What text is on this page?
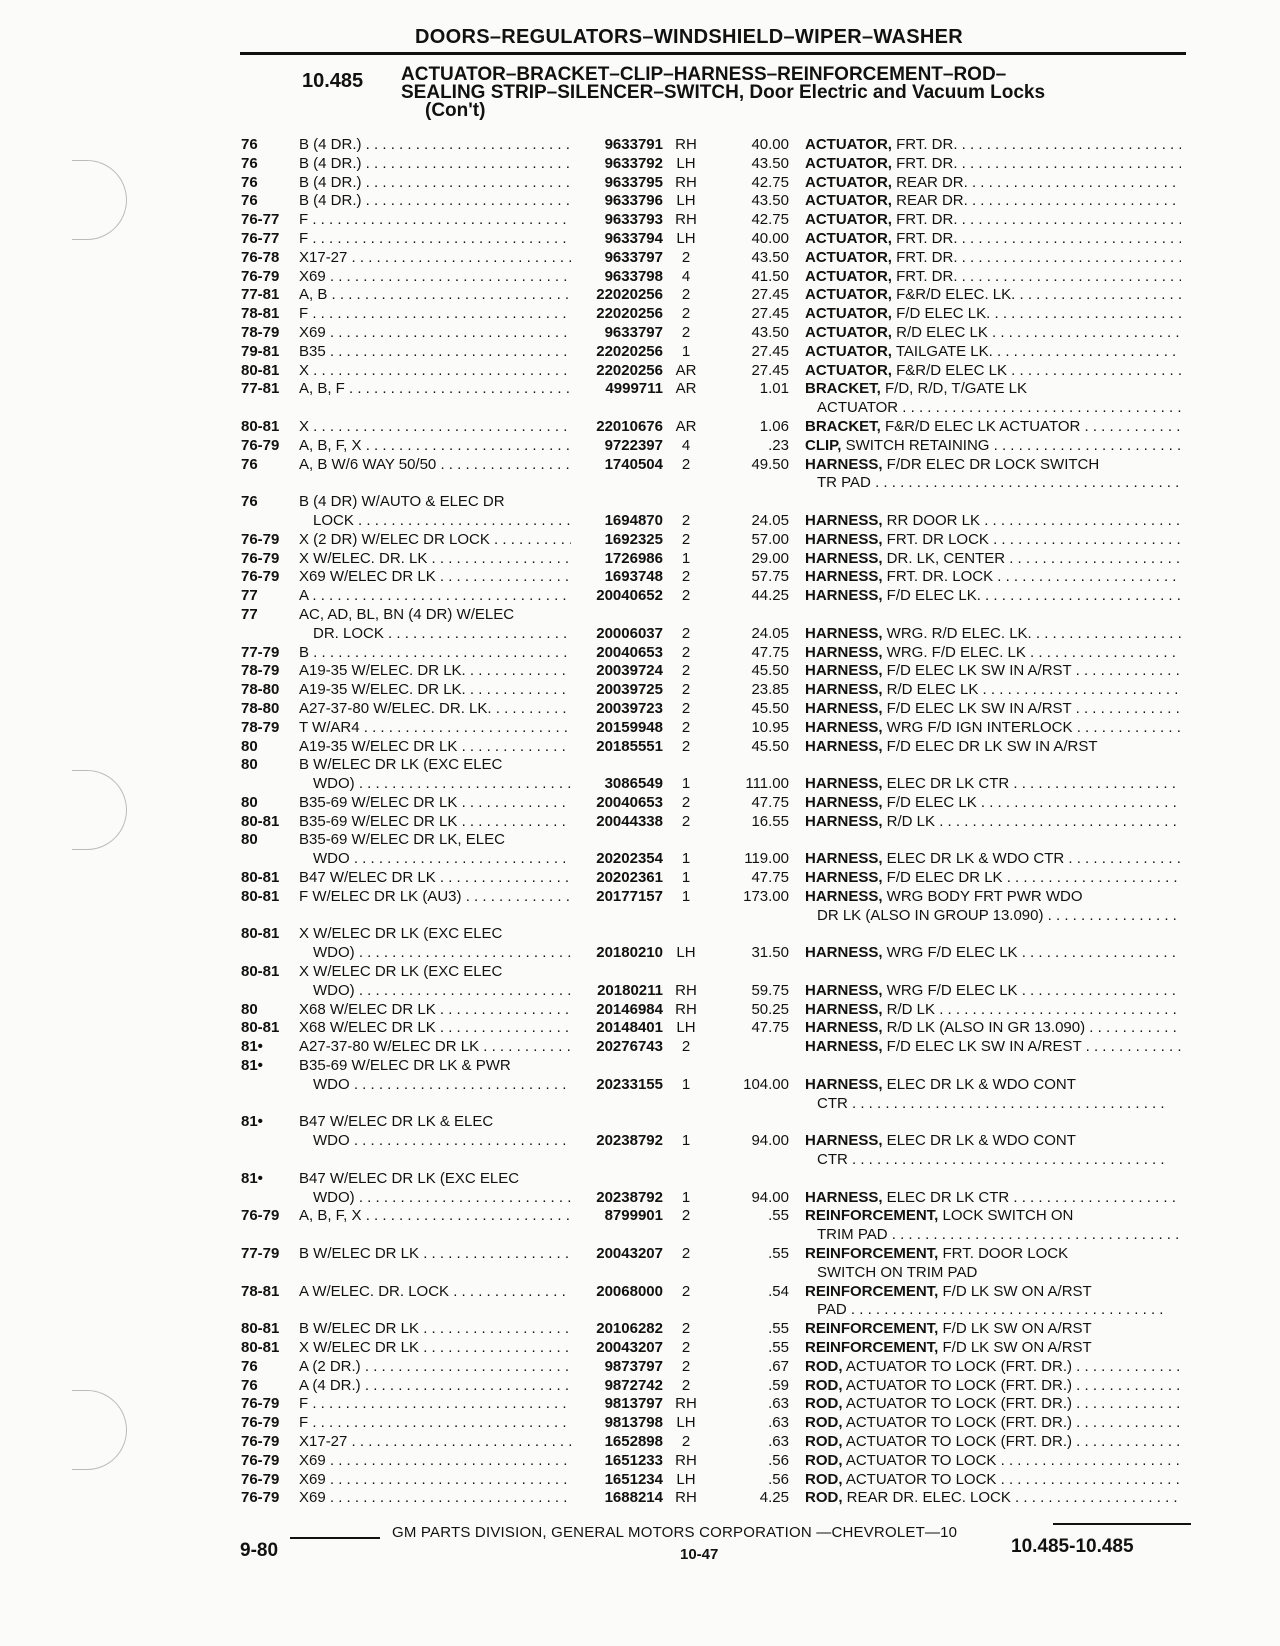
DOORS–REGULATORS–WINDSHIELD–WIPER–WASHER
10.485 ACTUATOR–BRACKET–CLIP–HARNESS–REINFORCEMENT–ROD–
SEALING STRIP–SILENCER–SWITCH, Door Electric and Vacuum Locks
(Con't)
76	B (4 DR.) . . .	9633791 RH	40.00	ACTUATOR, FRT. DR. . . .
76	B (4 DR.) . . .	9633792 LH	43.50	ACTUATOR, FRT. DR. . . .
76	B (4 DR.) . . .	9633795 RH	42.75	ACTUATOR, REAR DR. . . .
76	B (4 DR.) . . .	9633796 LH	43.50	ACTUATOR, REAR DR. . . .
76-77	F . . .	9633793 RH	42.75	ACTUATOR, FRT. DR. . . .
76-77	F . . .	9633794 LH	40.00	ACTUATOR, FRT. DR. . . .
76-78	X17-27 . . .	9633797	2	43.50	ACTUATOR, FRT. DR. . . .
76-79	X69 . . .	9633798	4	41.50	ACTUATOR, FRT. DR. . . .
77-81	A, B . . .	22020256	2	27.45	ACTUATOR, F&R/D ELEC. LK. . . .
78-81	F . . .	22020256	2	27.45	ACTUATOR, F/D ELEC LK. . . .
78-79	X69 . . .	9633797	2	43.50	ACTUATOR, R/D ELEC LK . . .
79-81	B35 . . .	22020256	1	27.45	ACTUATOR, TAILGATE LK. . . .
80-81	X . . .	22020256 AR	27.45	ACTUATOR, F&R/D ELEC LK . . .
77-81	A, B, F . . .	4999711 AR	1.01	BRACKET, F/D, R/D, T/GATE LK
ACTUATOR . . .
80-81	X . . .	22010676 AR	1.06	BRACKET, F&R/D ELEC LK ACTUATOR . . .
76-79	A, B, F, X . . .	9722397	4	.23	CLIP, SWITCH RETAINING . . .
76	A, B W/6 WAY 50/50 . . .	1740504	2	49.50	HARNESS, F/DR ELEC DR LOCK SWITCH
TR PAD . . .
76	B (4 DR) W/AUTO & ELEC DR
LOCK . . .	1694870	2	24.05	HARNESS, RR DOOR LK . . .
76-79	X (2 DR) W/ELEC DR LOCK . . .	1692325	2	57.00	HARNESS, FRT. DR LOCK . . .
76-79	X W/ELEC. DR. LK . . .	1726986	1	29.00	HARNESS, DR. LK, CENTER . . .
76-79	X69 W/ELEC DR LK . . .	1693748	2	57.75	HARNESS, FRT. DR. LOCK . . .
77	A . . .	20040652	2	44.25	HARNESS, F/D ELEC LK. . . .
77	AC, AD, BL, BN (4 DR) W/ELEC
DR. LOCK . . .	20006037	2	24.05	HARNESS, WRG. R/D ELEC. LK. . . .
77-79	B . . .	20040653	2	47.75	HARNESS, WRG. F/D ELEC. LK . . .
78-79	A19-35 W/ELEC. DR LK. . . .	20039724	2	45.50	HARNESS, F/D ELEC LK SW IN A/RST . . .
78-80	A19-35 W/ELEC. DR LK. . . .	20039725	2	23.85	HARNESS, R/D ELEC LK . . .
78-80	A27-37-80 W/ELEC. DR. LK. . . .	20039723	2	45.50	HARNESS, F/D ELEC LK SW IN A/RST . . .
78-79	T W/AR4 . . .	20159948	2	10.95	HARNESS, WRG F/D IGN INTERLOCK . . .
80	A19-35 W/ELEC DR LK . . .	20185551	2	45.50	HARNESS, F/D ELEC DR LK SW IN A/RST
80	B W/ELEC DR LK (EXC ELEC
WDO) . . .	3086549	1	111.00	HARNESS, ELEC DR LK CTR . . .
80	B35-69 W/ELEC DR LK . . .	20040653	2	47.75	HARNESS, F/D ELEC LK . . .
80-81	B35-69 W/ELEC DR LK . . .	20044338	2	16.55	HARNESS, R/D LK . . .
80	B35-69 W/ELEC DR LK, ELEC
WDO . . .	20202354	1	119.00	HARNESS, ELEC DR LK & WDO CTR . . .
80-81	B47 W/ELEC DR LK . . .	20202361	1	47.75	HARNESS, F/D ELEC DR LK . . .
80-81	F W/ELEC DR LK (AU3) . . .	20177157	1	173.00	HARNESS, WRG BODY FRT PWR WDO
DR LK (ALSO IN GROUP 13.090) . . .
80-81	X W/ELEC DR LK (EXC ELEC
WDO) . . .	20180210 LH	31.50	HARNESS, WRG F/D ELEC LK . . .
80-81	X W/ELEC DR LK (EXC ELEC
WDO) . . .	20180211 RH	59.75	HARNESS, WRG F/D ELEC LK . . .
80	X68 W/ELEC DR LK . . .	20146984 RH	50.25	HARNESS, R/D LK . . .
80-81	X68 W/ELEC DR LK . . .	20148401 LH	47.75	HARNESS, R/D LK (ALSO IN GR 13.090) . . . .
81•	A27-37-80 W/ELEC DR LK . . .	20276743	2	HARNESS, F/D ELEC LK SW IN A/REST . . . . .
81•	B35-69 W/ELEC DR LK & PWR
WDO . . .	20233155	1	104.00	HARNESS, ELEC DR LK & WDO CONT
CTR . . .
81•	B47 W/ELEC DR LK & ELEC
WDO . . .	20238792	1	94.00	HARNESS, ELEC DR LK & WDO CONT
CTR . . .
81•	B47 W/ELEC DR LK (EXC ELEC
WDO) . . .	20238792	1	94.00	HARNESS, ELEC DR LK CTR . . .
76-79	A, B, F, X . . .	8799901	2	.55	REINFORCEMENT, LOCK SWITCH ON
TRIM PAD . . .
77-79	B W/ELEC DR LK . . .	20043207	2	.55	REINFORCEMENT, FRT. DOOR LOCK
SWITCH ON TRIM PAD
78-81	A W/ELEC. DR. LOCK . . .	20068000	2	.54	REINFORCEMENT, F/D LK SW ON A/RST
PAD . . .
80-81	B W/ELEC DR LK . . .	20106282	2	.55	REINFORCEMENT, F/D LK SW ON A/RST
80-81	X W/ELEC DR LK . . .	20043207	2	.55	REINFORCEMENT, F/D LK SW ON A/RST
76	A (2 DR.) . . .	9873797	2	.67	ROD, ACTUATOR TO LOCK (FRT. DR.) . . .
76	A (4 DR.) . . .	9872742	2	.59	ROD, ACTUATOR TO LOCK (FRT. DR.) . . .
76-79	F . . .	9813797 RH	.63	ROD, ACTUATOR TO LOCK (FRT. DR.) . . .
76-79	F . . .	9813798 LH	.63	ROD, ACTUATOR TO LOCK (FRT. DR.) . . .
76-79	X17-27 . . .	1652898	2	.63	ROD, ACTUATOR TO LOCK (FRT. DR.) . . .
76-79	X69 . . .	1651233 RH	.56	ROD, ACTUATOR TO LOCK . . .
76-79	X69 . . .	1651234 LH	.56	ROD, ACTUATOR TO LOCK . . .
76-79	X69 . . .	1688214 RH	4.25	ROD, REAR DR. ELEC. LOCK . . .
GM PARTS DIVISION, GENERAL MOTORS CORPORATION —CHEVROLET—10
9-80	10-47	10.485-10.485
